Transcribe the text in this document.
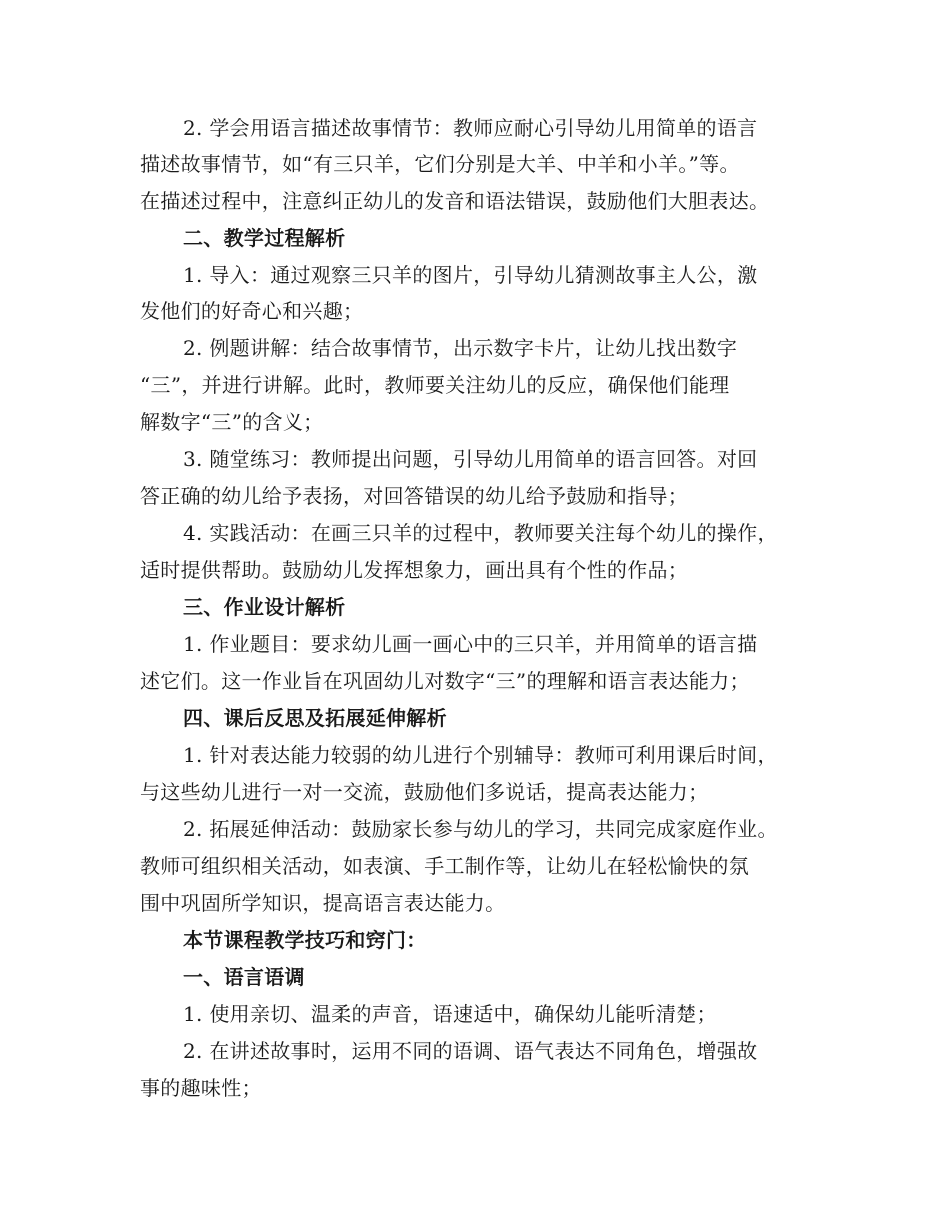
2. 学会用语言描述故事情节：教师应耐心引导幼儿用简单的语言
描述故事情节，如“有三只羊，它们分别是大羊、中羊和小羊。”等。
在描述过程中，注意纠正幼儿的发音和语法错误，鼓励他们大胆表达。
二、教学过程解析
1. 导入：通过观察三只羊的图片，引导幼儿猜测故事主人公，激
发他们的好奇心和兴趣；
2. 例题讲解：结合故事情节，出示数字卡片，让幼儿找出数字
“三”，并进行讲解。此时，教师要关注幼儿的反应，确保他们能理
解数字“三”的含义；
3. 随堂练习：教师提出问题，引导幼儿用简单的语言回答。对回
答正确的幼儿给予表扬，对回答错误的幼儿给予鼓励和指导；
4. 实践活动：在画三只羊的过程中，教师要关注每个幼儿的操作，
适时提供帮助。鼓励幼儿发挥想象力，画出具有个性的作品；
三、作业设计解析
1. 作业题目：要求幼儿画一画心中的三只羊，并用简单的语言描
述它们。这一作业旨在巩固幼儿对数字“三”的理解和语言表达能力；
四、课后反思及拓展延伸解析
1. 针对表达能力较弱的幼儿进行个别辅导：教师可利用课后时间，
与这些幼儿进行一对一交流，鼓励他们多说话，提高表达能力；
2. 拓展延伸活动：鼓励家长参与幼儿的学习，共同完成家庭作业。
教师可组织相关活动，如表演、手工制作等，让幼儿在轻松愉快的氛
围中巩固所学知识，提高语言表达能力。
本节课程教学技巧和窍门：
一、语言语调
1. 使用亲切、温柔的声音，语速适中，确保幼儿能听清楚；
2. 在讲述故事时，运用不同的语调、语气表达不同角色，增强故
事的趣味性；
